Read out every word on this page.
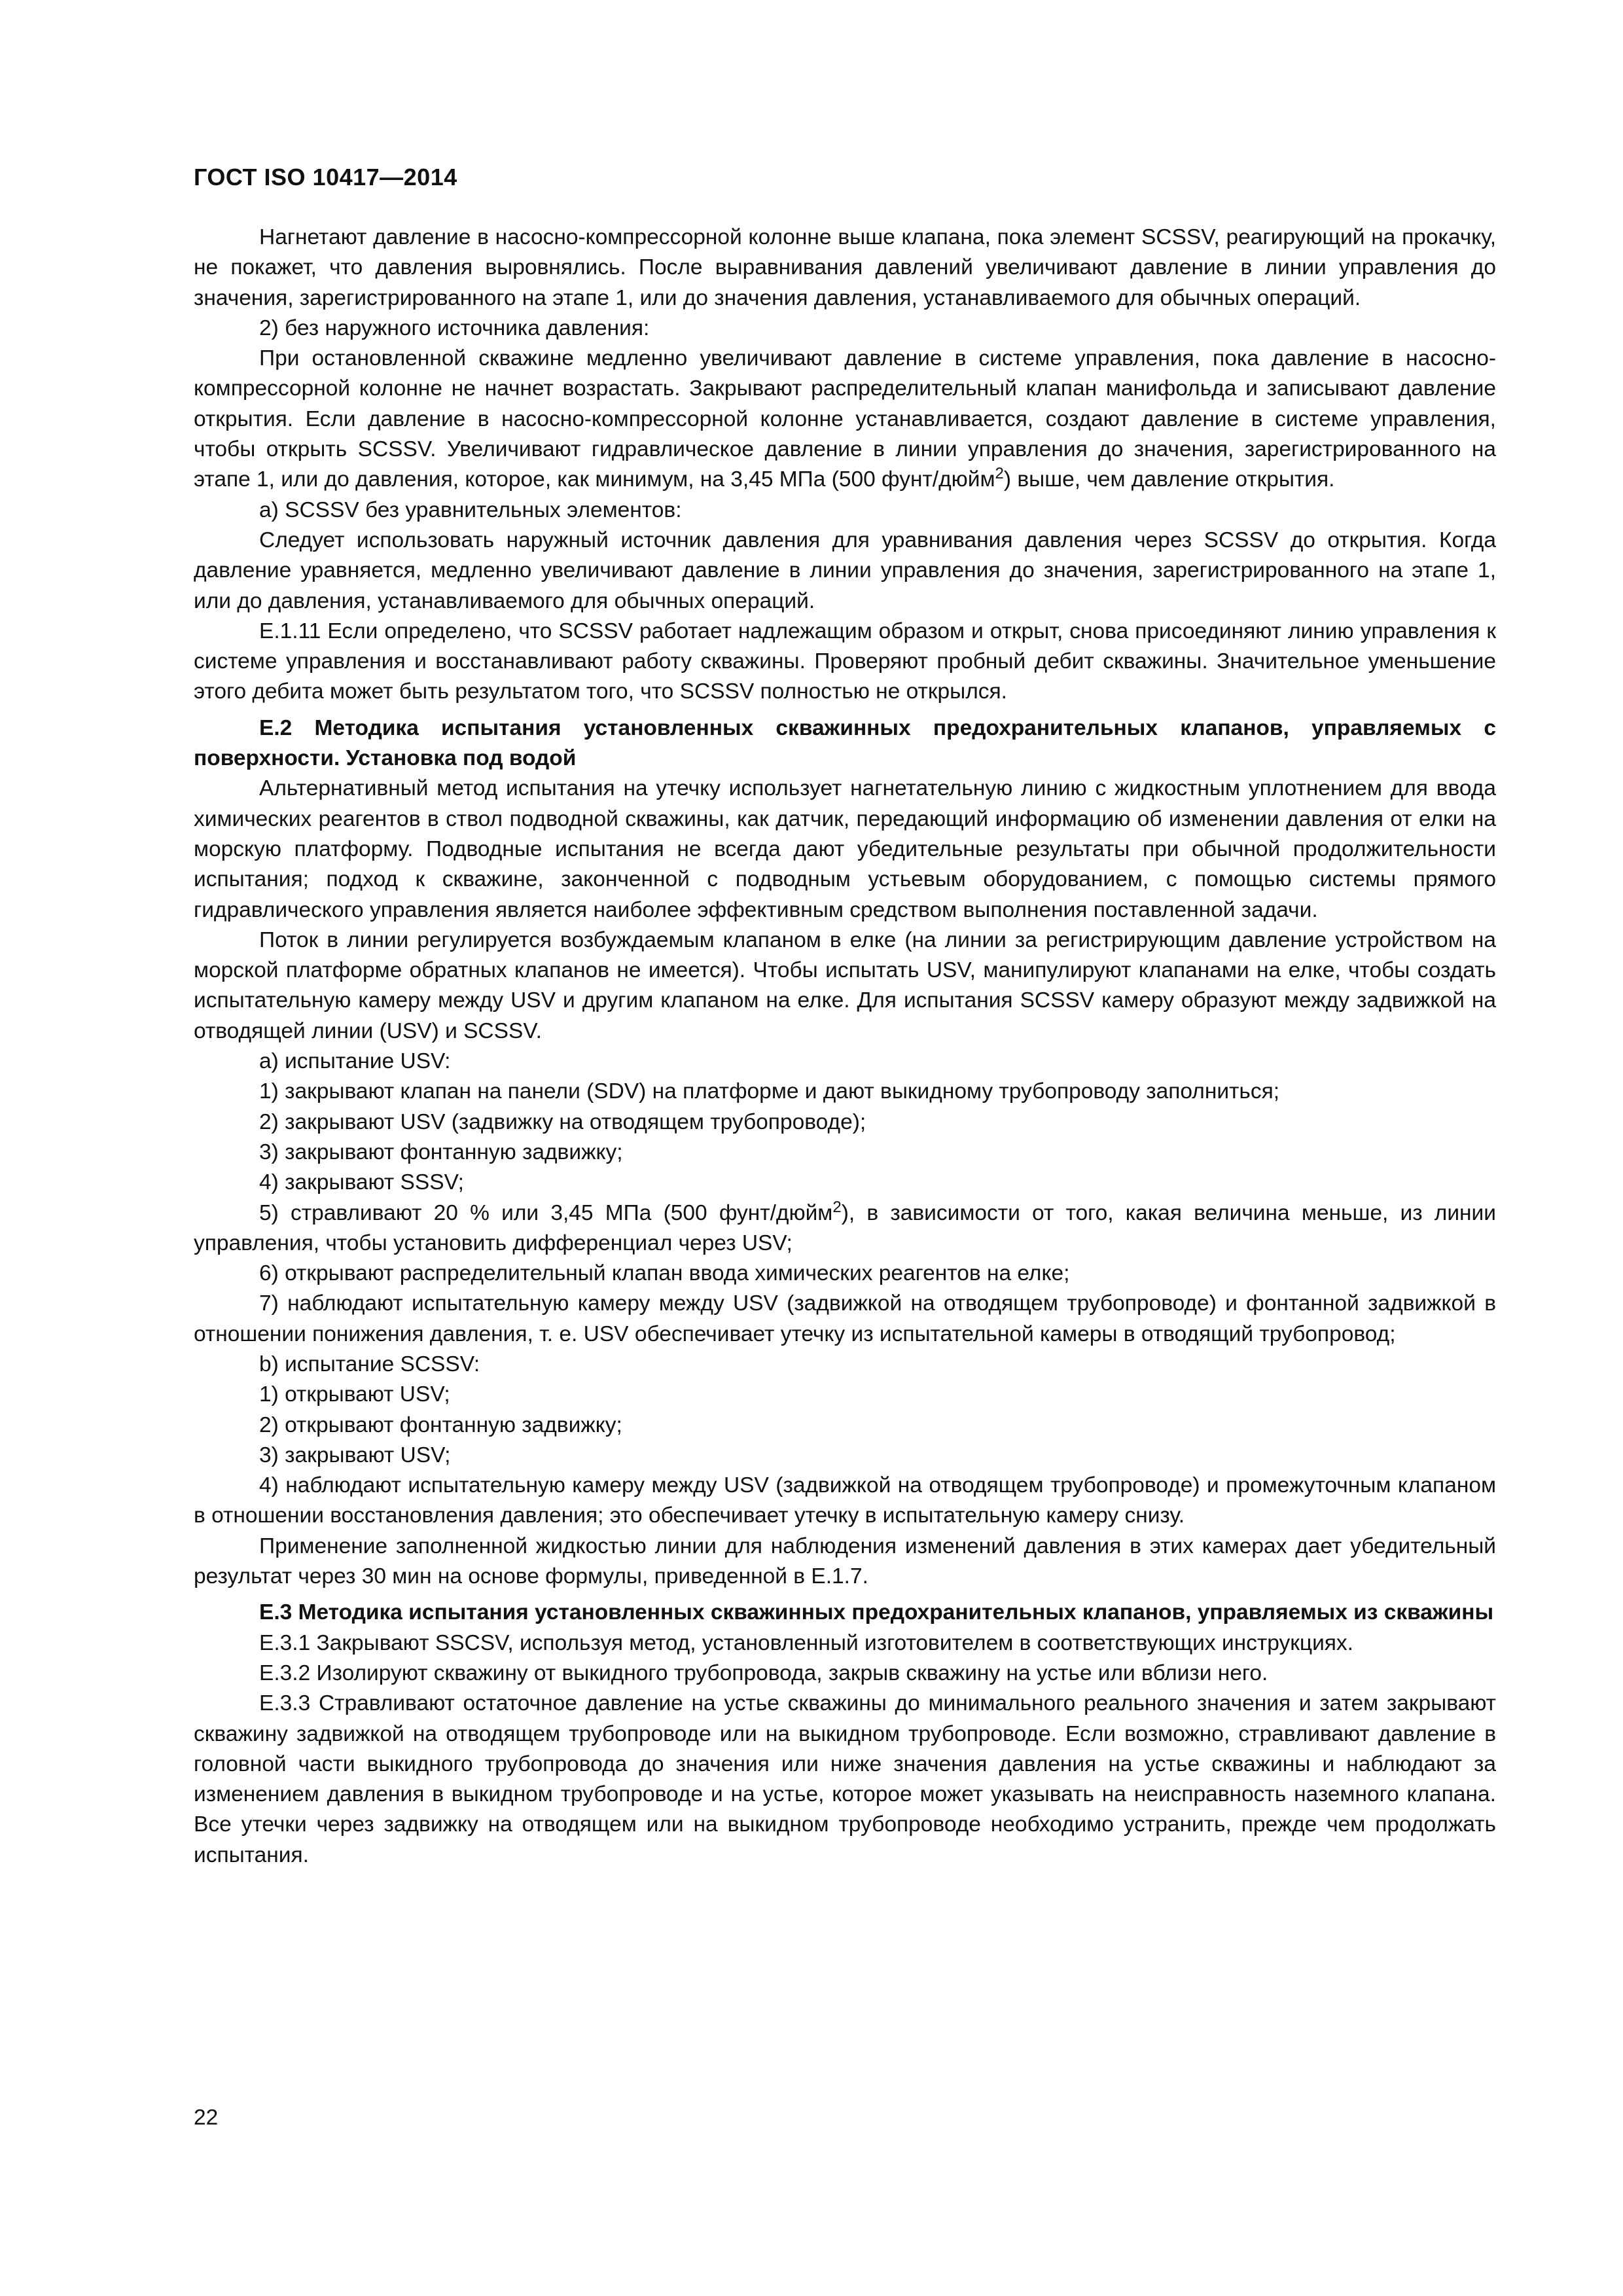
ГОСТ ISO 10417—2014

Нагнетают давление в насосно-компрессорной колонне выше клапана, пока элемент SCSSV, реагирующий на прокачку, не покажет, что давления выровнялись. После выравнивания давлений увеличивают давление в линии управления до значения, зарегистрированного на этапе 1, или до значения давления, устанавливаемого для обычных операций.

2) без наружного источника давления:

При остановленной скважине медленно увеличивают давление в системе управления, пока давление в насосно-компрессорной колонне не начнет возрастать. Закрывают распределительный клапан манифольда и записывают давление открытия. Если давление в насосно-компрессорной колонне устанавливается, создают давление в системе управления, чтобы открыть SCSSV. Увеличивают гидравлическое давление в линии управления до значения, зарегистрированного на этапе 1, или до давления, которое, как минимум, на 3,45 МПа (500 фунт/дюйм$^2$) выше, чем давление открытия.

a) SCSSV без уравнительных элементов:

Следует использовать наружный источник давления для уравнивания давления через SCSSV до открытия. Когда давление уравняется, медленно увеличивают давление в линии управления до значения, зарегистрированного на этапе 1, или до давления, устанавливаемого для обычных операций.

Е.1.11 Если определено, что SCSSV работает надлежащим образом и открыт, снова присоединяют линию управления к системе управления и восстанавливают работу скважины. Проверяют пробный дебит скважины. Значительное уменьшение этого дебита может быть результатом того, что SCSSV полностью не открылся.

Е.2 Методика испытания установленных скважинных предохранительных клапанов, управляемых с поверхности. Установка под водой

Альтернативный метод испытания на утечку использует нагнетательную линию с жидкостным уплотнением для ввода химических реагентов в ствол подводной скважины, как датчик, передающий информацию об изменении давления от елки на морскую платформу. Подводные испытания не всегда дают убедительные результаты при обычной продолжительности испытания; подход к скважине, законченной с подводным устьевым оборудованием, с помощью системы прямого гидравлического управления является наиболее эффективным средством выполнения поставленной задачи.

Поток в линии регулируется возбуждаемым клапаном в елке (на линии за регистрирующим давление устройством на морской платформе обратных клапанов не имеется). Чтобы испытать USV, манипулируют клапанами на елке, чтобы создать испытательную камеру между USV и другим клапаном на елке. Для испытания SCSSV камеру образуют между задвижкой на отводящей линии (USV) и SCSSV.

a) испытание USV:

1) закрывают клапан на панели (SDV) на платформе и дают выкидному трубопроводу заполниться;

2) закрывают USV (задвижку на отводящем трубопроводе);

3) закрывают фонтанную задвижку;

4) закрывают SSSV;

5) стравливают 20 % или 3,45 МПа (500 фунт/дюйм$^2$), в зависимости от того, какая величина меньше, из линии управления, чтобы установить дифференциал через USV;

6) открывают распределительный клапан ввода химических реагентов на елке;

7) наблюдают испытательную камеру между USV (задвижкой на отводящем трубопроводе) и фонтанной задвижкой в отношении понижения давления, т. е. USV обеспечивает утечку из испытательной камеры в отводящий трубопровод;

b) испытание SCSSV:

1) открывают USV;

2) открывают фонтанную задвижку;

3) закрывают USV;

4) наблюдают испытательную камеру между USV (задвижкой на отводящем трубопроводе) и промежуточным клапаном в отношении восстановления давления; это обеспечивает утечку в испытательную камеру снизу.

Применение заполненной жидкостью линии для наблюдения изменений давления в этих камерах дает убедительный результат через 30 мин на основе формулы, приведенной в Е.1.7.

Е.3 Методика испытания установленных скважинных предохранительных клапанов, управляемых из скважины

Е.3.1 Закрывают SSCSV, используя метод, установленный изготовителем в соответствующих инструкциях.

Е.3.2 Изолируют скважину от выкидного трубопровода, закрыв скважину на устье или вблизи него.

Е.3.3 Стравливают остаточное давление на устье скважины до минимального реального значения и затем закрывают скважину задвижкой на отводящем трубопроводе или на выкидном трубопроводе. Если возможно, стравливают давление в головной части выкидного трубопровода до значения или ниже значения давления на устье скважины и наблюдают за изменением давления в выкидном трубопроводе и на устье, которое может указывать на неисправность наземного клапана. Все утечки через задвижку на отводящем или на выкидном трубопроводе необходимо устранить, прежде чем продолжать испытания.

22
